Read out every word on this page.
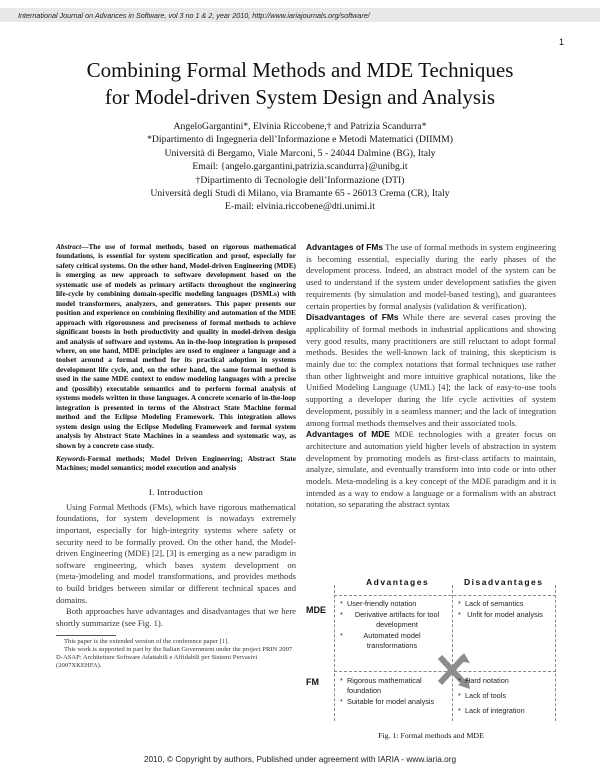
International Journal on Advances in Software, vol 3 no 1 & 2, year 2010, http://www.iariajournals.org/software/
1
Combining Formal Methods and MDE Techniques
for Model-driven System Design and Analysis
AngeloGargantini*, Elvinia Riccobene,† and Patrizia Scandurra*
*Dipartimento di Ingegneria dell’Informazione e Metodi Matematici (DIIMM)
Università di Bergamo, Viale Marconi, 5 - 24044 Dalmine (BG), Italy
Email: {angelo.gargantini,patrizia.scandurra}@unibg.it
†Dipartimento di Tecnologie dell’Informazione (DTI)
Università degli Studi di Milano, via Bramante 65 - 26013 Crema (CR), Italy
E-mail: elvinia.riccobene@dti.unimi.it

Abstract—The use of formal methods, based on rigorous mathematical foundations, is essential for system specification and proof, especially for safety critical systems. On the other hand, Model-driven Engineering (MDE) is emerging as new approach to software development based on the systematic use of models as primary artifacts throughout the engineering life-cycle by combining domain-specific modeling languages (DSMLs) with model transformers, analyzers, and generators. This paper presents our position and experience on combining flexibility and automation of the MDE approach with rigorousness and preciseness of formal methods to achieve significant boosts in both productivity and quality in model-driven design and analysis of software and systems. An in-the-loop integration is proposed where, on one hand, MDE principles are used to engineer a language and a toolset around a formal method for its practical adoption in systems development life cycle, and, on the other hand, the same formal method is used in the same MDE context to endow modeling languages with a precise and (possibly) executable semantics and to perform formal analysis of systems models written in those languages. A concrete scenario of in-the-loop integration is presented in terms of the Abstract State Machine formal method and the Eclipse Modeling Framework. This integration allows system design using the Eclipse Modeling Framework and formal system analysis by Abstract State Machines in a seamless and systematic way, as shown by a concrete case study.

Keywords-Formal methods; Model Driven Engineering; Abstract State Machines; model semantics; model execution and analysis

I. Introduction

Using Formal Methods (FMs), which have rigorous mathematical foundations, for system development is nowadays extremely important, especially for high-integrity systems where safety or security need to be formally proved. On the other hand, the Model-driven Engineering (MDE) [2], [3] is emerging as a new paradigm in software engineering, which bases system development on (meta-)modeling and model transformations, and provides methods to build bridges between similar or different technical spaces and domains.

Both approaches have advantages and disadvantages that we here shortly summarize (see Fig. 1).

This paper is the extended version of the conference paper [1].

This work is supported in part by the Italian Government under the project PRIN 2007 D-ASAP: Architetture Software Adattabili e Affidabili per Sistemi Pervasivi (2007XKEHFA).

Advantages of FMs The use of formal methods in system engineering is becoming essential, especially during the early phases of the development process. Indeed, an abstract model of the system can be used to understand if the system under development satisfies the given requirements (by simulation and model-based testing), and guarantees certain properties by formal analysis (validation & verification).

Disadvantages of FMs While there are several cases proving the applicability of formal methods in industrial applications and showing very good results, many practitioners are still reluctant to adopt formal methods. Besides the well-known lack of training, this skepticism is mainly due to: the complex notations that formal techniques use rather than other lightweight and more intuitive graphical notations, like the Unified Modeling Language (UML) [4]; the lack of easy-to-use tools supporting a developer during the life cycle activities of system development, possibly in a seamless manner; and the lack of integration among formal methods themselves and their associated tools.

Advantages of MDE MDE technologies with a greater focus on architecture and automation yield higher levels of abstraction in system development by promoting models as first-class artifacts to maintain, analyze, simulate, and eventually transform into into code or into other models. Meta-modeling is a key concept of the MDE paradigm and it is intended as a way to endow a language or a formalism with an abstract notation, so separating the abstract syntax

Advantages	Disadvantages
MDE
FM
* User-friendly notation
* Derivative artifacts for tool development
*	Automated model transformations
* Lack of semantics
* Unfit for model analysis
* Rigorous mathematical foundation
* Suitable for model analysis
* Hard notation
* Lack of tools
* Lack of integration
Fig. 1: Formal methods and MDE
2010, © Copyright by authors, Published under agreement with IARIA - www.iaria.org
